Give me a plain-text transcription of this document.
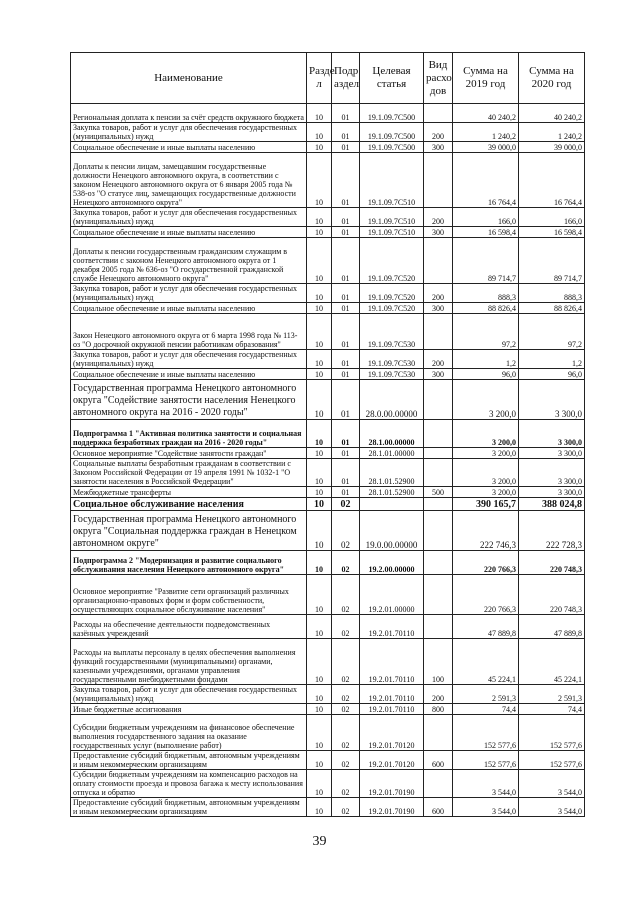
Наименование	Разде л	Подр аздел	Целевая статья	Вид расхо дов	Сумма на 2019 год	Сумма на 2020 год
Региональная доплата к пенсии за счёт средств окружного бюджета	10	01	19.1.09.7С500		40 240,2	40 240,2
Закупка товаров, работ и услуг для обеспечения государственных (муниципальных) нужд	10	01	19.1.09.7С500	200	1 240,2	1 240,2
Социальное обеспечение и иные выплаты населению	10	01	19.1.09.7С500	300	39 000,0	39 000,0
Доплаты к пенсии лицам, замещавшим государственные должности Ненецкого автономного округа, в соответствии с законом Ненецкого автономного округа от 6 января 2005 года № 538-оз "О статусе лиц, замещающих государственные должности Ненецкого автономного округа"	10	01	19.1.09.7С510		16 764,4	16 764,4
Закупка товаров, работ и услуг для обеспечения государственных (муниципальных) нужд	10	01	19.1.09.7С510	200	166,0	166,0
Социальное обеспечение и иные выплаты населению	10	01	19.1.09.7С510	300	16 598,4	16 598,4
Доплаты к пенсии государственным гражданским служащим в соответствии с законом Ненецкого автономного округа от 1 декабря 2005 года № 636-оз "О государственной гражданской службе Ненецкого автономного округа"	10	01	19.1.09.7С520		89 714,7	89 714,7
Закупка товаров, работ и услуг для обеспечения государственных (муниципальных) нужд	10	01	19.1.09.7С520	200	888,3	888,3
Социальное обеспечение и иные выплаты населению	10	01	19.1.09.7С520	300	88 826,4	88 826,4
Закон Ненецкого автономного округа от 6 марта 1998 года № 113-оз "О досрочной окружной пенсии работникам образования"	10	01	19.1.09.7С530		97,2	97,2
Закупка товаров, работ и услуг для обеспечения государственных (муниципальных) нужд	10	01	19.1.09.7С530	200	1,2	1,2
Социальное обеспечение и иные выплаты населению	10	01	19.1.09.7С530	300	96,0	96,0
Государственная программа Ненецкого автономного округа "Содействие занятости населения Ненецкого автономного округа на 2016 - 2020 годы"	10	01	28.0.00.00000		3 200,0	3 300,0
Подпрограмма 1 "Активная политика занятости и социальная поддержка безработных граждан на 2016 - 2020 годы"	10	01	28.1.00.00000		3 200,0	3 300,0
Основное мероприятие "Содействие занятости граждан"	10	01	28.1.01.00000		3 200,0	3 300,0
Социальные выплаты безработным гражданам в соответствии с Законом Российской Федерации от 19 апреля 1991 № 1032-1 "О занятости населения в Российской Федерации"	10	01	28.1.01.52900		3 200,0	3 300,0
Межбюджетные трансферты	10	01	28.1.01.52900	500	3 200,0	3 300,0
Социальное обслуживание населения	10	02			390 165,7	388 024,8
Государственная программа Ненецкого автономного округа "Социальная поддержка граждан в Ненецком автономном округе"	10	02	19.0.00.00000		222 746,3	222 728,3
Подпрограмма 2 "Модернизация и развитие социального обслуживания населения Ненецкого автономного округа"	10	02	19.2.00.00000		220 766,3	220 748,3
Основное мероприятие "Развитие сети организаций различных организационно-правовых форм и форм собственности, осуществляющих социальное обслуживание населения"	10	02	19.2.01.00000		220 766,3	220 748,3
Расходы на обеспечение деятельности подведомственных казённых учреждений	10	02	19.2.01.70110		47 889,8	47 889,8
Расходы на выплаты персоналу в целях обеспечения выполнения функций государственными (муниципальными) органами, казенными учреждениями, органами управления государственными внебюджетными фондами	10	02	19.2.01.70110	100	45 224,1	45 224,1
Закупка товаров, работ и услуг для обеспечения государственных (муниципальных) нужд	10	02	19.2.01.70110	200	2 591,3	2 591,3
Иные бюджетные ассигнования	10	02	19.2.01.70110	800	74,4	74,4
Субсидии бюджетным учреждениям на финансовое обеспечение выполнения государственного задания на оказание государственных услуг (выполнение работ)	10	02	19.2.01.70120		152 577,6	152 577,6
Предоставление субсидий бюджетным, автономным учреждениям и иным некоммерческим организациям	10	02	19.2.01.70120	600	152 577,6	152 577,6
Субсидии бюджетным учреждениям на компенсацию расходов на оплату стоимости проезда и провоза багажа к месту использования отпуска и обратно	10	02	19.2.01.70190		3 544,0	3 544,0
Предоставление субсидий бюджетным, автономным учреждениям и иным некоммерческим организациям	10	02	19.2.01.70190	600	3 544,0	3 544,0
39
